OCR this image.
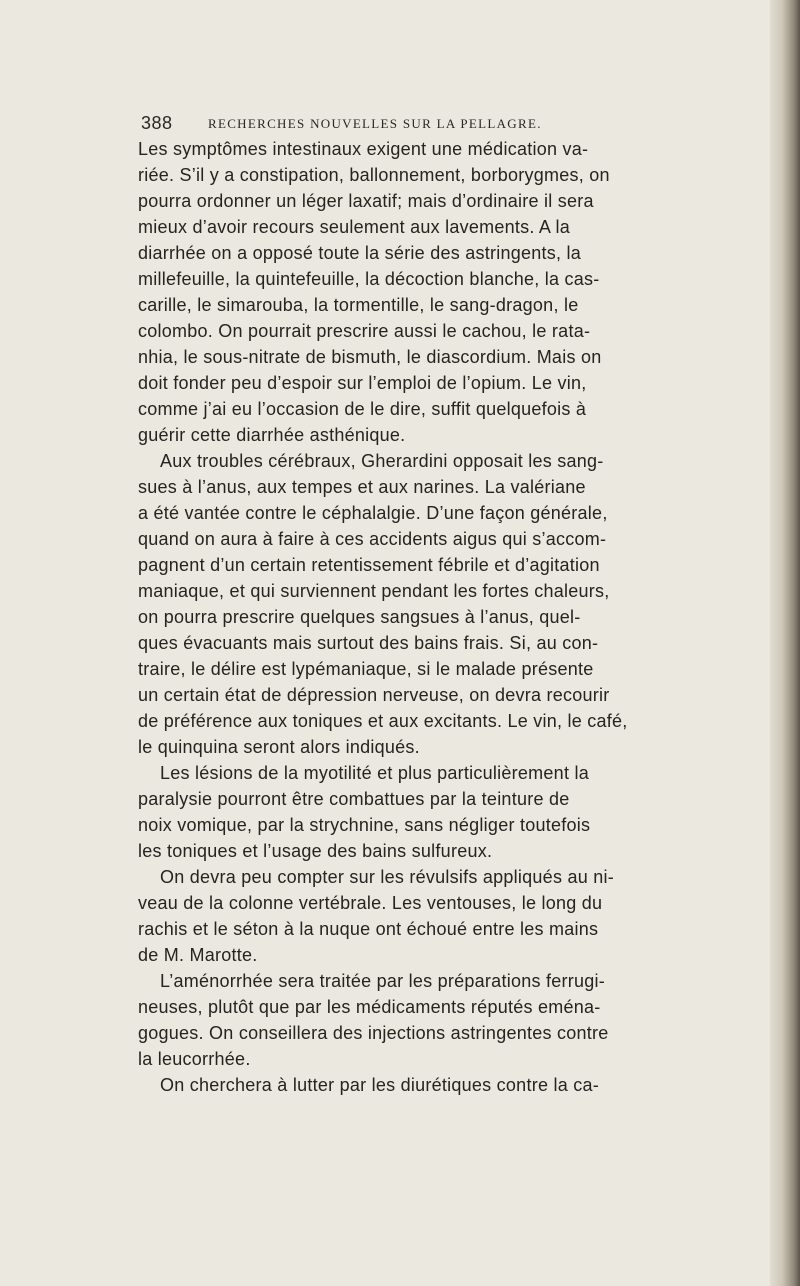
388	RECHERCHES NOUVELLES SUR LA PELLAGRE.
Les symptômes intestinaux exigent une médication va-
riée. S’il y a constipation, ballonnement, borborygmes, on
pourra ordonner un léger laxatif; mais d’ordinaire il sera
mieux d’avoir recours seulement aux lavements. A la
diarrhée on a opposé toute la série des astringents, la
millefeuille, la quintefeuille, la décoction blanche, la cas-
carille, le simarouba, la tormentille, le sang-dragon, le
colombo. On pourrait prescrire aussi le cachou, le rata-
nhia, le sous-nitrate de bismuth, le diascordium. Mais on
doit fonder peu d’espoir sur l’emploi de l’opium. Le vin,
comme j’ai eu l’occasion de le dire, suffit quelquefois à
guérir cette diarrhée asthénique.
Aux troubles cérébraux, Gherardini opposait les sang-
sues à l’anus, aux tempes et aux narines. La valériane
a été vantée contre le céphalalgie. D’une façon générale,
quand on aura à faire à ces accidents aigus qui s’accom-
pagnent d’un certain retentissement fébrile et d’agitation
maniaque, et qui surviennent pendant les fortes chaleurs,
on pourra prescrire quelques sangsues à l’anus, quel-
ques évacuants mais surtout des bains frais. Si, au con-
traire, le délire est lypémaniaque, si le malade présente
un certain état de dépression nerveuse, on devra recourir
de préférence aux toniques et aux excitants. Le vin, le café,
le quinquina seront alors indiqués.
Les lésions de la myotilité et plus particulièrement la
paralysie pourront être combattues par la teinture de
noix vomique, par la strychnine, sans négliger toutefois
les toniques et l’usage des bains sulfureux.
On devra peu compter sur les révulsifs appliqués au ni-
veau de la colonne vertébrale. Les ventouses, le long du
rachis et le séton à la nuque ont échoué entre les mains
de M. Marotte.
L’aménorrhée sera traitée par les préparations ferrugi-
neuses, plutôt que par les médicaments réputés eména-
gogues. On conseillera des injections astringentes contre
la leucorrhée.
On cherchera à lutter par les diurétiques contre la ca-
